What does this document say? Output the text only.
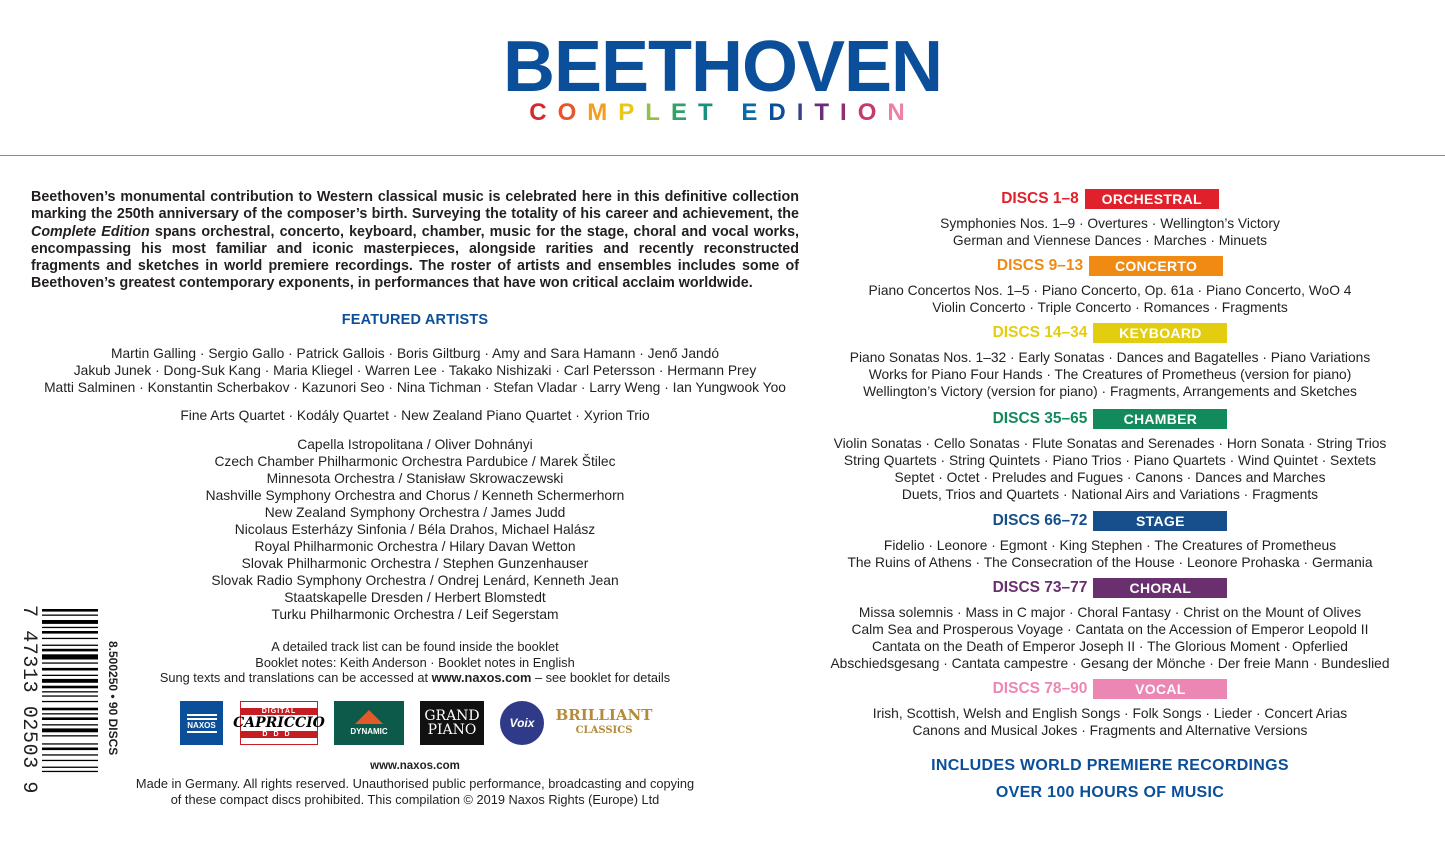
BEETHOVEN
COMPLET EDITION

Beethoven’s monumental contribution to Western classical music is celebrated here in this definitive collection marking the 250th anniversary of the composer’s birth. Surveying the totality of his career and achievement, the Complete Edition spans orchestral, concerto, keyboard, chamber, music for the stage, choral and vocal works, encompassing his most familiar and iconic masterpieces, alongside rarities and recently reconstructed fragments and sketches in world premiere recordings. The roster of artists and ensembles includes some of Beethoven’s greatest contemporary exponents, in performances that have won critical acclaim worldwide.

FEATURED ARTISTS
Martin Galling · Sergio Gallo · Patrick Gallois · Boris Giltburg · Amy and Sara Hamann · Jenő Jandó
Jakub Junek · Dong-Suk Kang · Maria Kliegel · Warren Lee · Takako Nishizaki · Carl Petersson · Hermann Prey
Matti Salminen · Konstantin Scherbakov · Kazunori Seo · Nina Tichman · Stefan Vladar · Larry Weng · Ian Yungwook Yoo
Fine Arts Quartet · Kodály Quartet · New Zealand Piano Quartet · Xyrion Trio
Capella Istropolitana / Oliver Dohnányi
Czech Chamber Philharmonic Orchestra Pardubice / Marek Štilec
Minnesota Orchestra / Stanisław Skrowaczewski
Nashville Symphony Orchestra and Chorus / Kenneth Schermerhorn
New Zealand Symphony Orchestra / James Judd
Nicolaus Esterházy Sinfonia / Béla Drahos, Michael Halász
Royal Philharmonic Orchestra / Hilary Davan Wetton
Slovak Philharmonic Orchestra / Stephen Gunzenhauser
Slovak Radio Symphony Orchestra / Ondrej Lenárd, Kenneth Jean
Staatskapelle Dresden / Herbert Blomstedt
Turku Philharmonic Orchestra / Leif Segerstam
A detailed track list can be found inside the booklet
Booklet notes: Keith Anderson · Booklet notes in English
Sung texts and translations can be accessed at www.naxos.com – see booklet for details
NAXOS
DIGITAL
CAPRICCIO
DDD	DYNAMIC
GRAND
PIANO	Voix BRILLIANT
CLASSICS
www.naxos.com
Made in Germany. All rights reserved. Unauthorised public performance, broadcasting and copying
of these compact discs prohibited. This compilation © 2019 Naxos Rights (Europe) Ltd
7 47313 02503 9	8.500250 • 90 DISCS
DISCS 1–8	ORCHESTRAL
Symphonies Nos. 1–9 · Overtures · Wellington’s Victory
German and Viennese Dances · Marches · Minuets
DISCS 9–13	CONCERTO
Piano Concertos Nos. 1–5 · Piano Concerto, Op. 61a · Piano Concerto, WoO 4
Violin Concerto · Triple Concerto · Romances · Fragments
DISCS 14–34	KEYBOARD
Piano Sonatas Nos. 1–32 · Early Sonatas · Dances and Bagatelles · Piano Variations
Works for Piano Four Hands · The Creatures of Prometheus (version for piano)
Wellington’s Victory (version for piano) · Fragments, Arrangements and Sketches
DISCS 35–65	CHAMBER
Violin Sonatas · Cello Sonatas · Flute Sonatas and Serenades · Horn Sonata · String Trios
String Quartets · String Quintets · Piano Trios · Piano Quartets · Wind Quintet · Sextets
Septet · Octet · Preludes and Fugues · Canons · Dances and Marches
Duets, Trios and Quartets · National Airs and Variations · Fragments
DISCS 66–72	STAGE
Fidelio · Leonore · Egmont · King Stephen · The Creatures of Prometheus
The Ruins of Athens · The Consecration of the House · Leonore Prohaska · Germania
DISCS 73–77	CHORAL
Missa solemnis · Mass in C major · Choral Fantasy · Christ on the Mount of Olives
Calm Sea and Prosperous Voyage · Cantata on the Accession of Emperor Leopold II
Cantata on the Death of Emperor Joseph II · The Glorious Moment · Opferlied
Abschiedsgesang · Cantata campestre · Gesang der Mönche · Der freie Mann · Bundeslied
DISCS 78–90	VOCAL
Irish, Scottish, Welsh and English Songs · Folk Songs · Lieder · Concert Arias
Canons and Musical Jokes · Fragments and Alternative Versions
INCLUDES WORLD PREMIERE RECORDINGS
OVER 100 HOURS OF MUSIC
